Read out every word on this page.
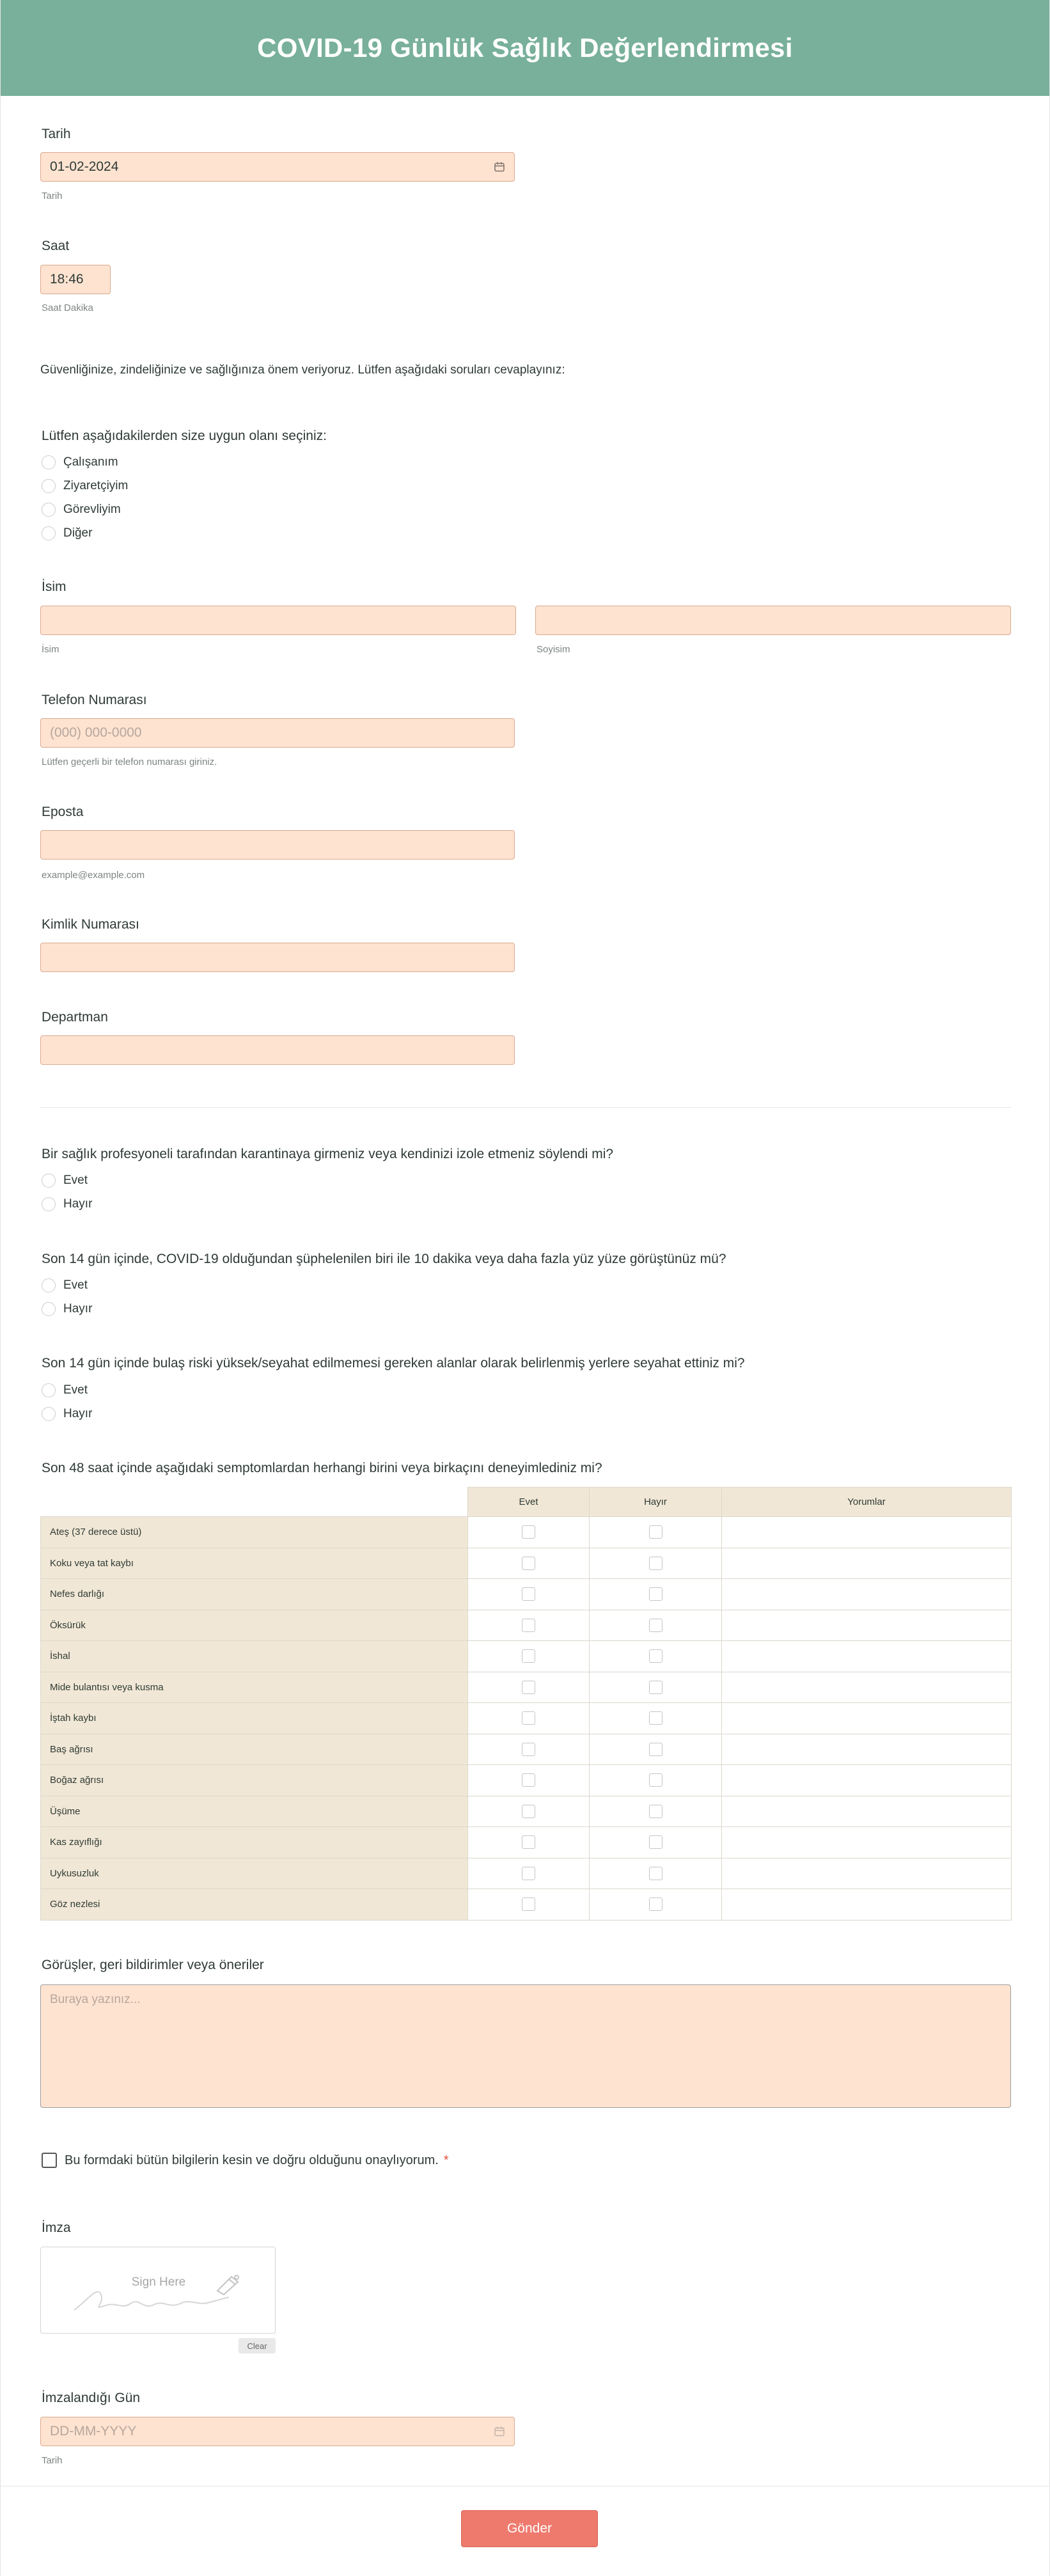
COVID-19 Günlük Sağlık Değerlendirmesi
Tarih
01-02-2024
Tarih
Saat
18:46
Saat Dakika
Güvenliğinize, zindeliğinize ve sağlığınıza önem veriyoruz. Lütfen aşağıdaki soruları cevaplayınız:
Lütfen aşağıdakilerden size uygun olanı seçiniz:
Çalışanım
Ziyaretçiyim
Görevliyim
Diğer
İsim
İsim	Soyisim
Telefon Numarası
(000) 000-0000
Lütfen geçerli bir telefon numarası giriniz.
Eposta
example@example.com
Kimlik Numarası
Departman
Bir sağlık profesyoneli tarafından karantinaya girmeniz veya kendinizi izole etmeniz söylendi mi?
Evet
Hayır
Son 14 gün içinde, COVID-19 olduğundan şüphelenilen biri ile 10 dakika veya daha fazla yüz yüze görüştünüz mü?
Evet
Hayır
Son 14 gün içinde bulaş riski yüksek/seyahat edilmemesi gereken alanlar olarak belirlenmiş yerlere seyahat ettiniz mi?
Evet
Hayır
Son 48 saat içinde aşağıdaki semptomlardan herhangi birini veya birkaçını deneyimlediniz mi?
	Evet	Hayır	Yorumlar
Ateş (37 derece üstü)			
Koku veya tat kaybı			
Nefes darlığı			
Öksürük			
İshal			
Mide bulantısı veya kusma			
İştah kaybı			
Baş ağrısı			
Boğaz ağrısı			
Üşüme			
Kas zayıflığı			
Uykusuzluk			
Göz nezlesi			
Görüşler, geri bildirimler veya öneriler
Buraya yazınız...
Bu formdaki bütün bilgilerin kesin ve doğru olduğunu onaylıyorum. *
İmza
Sign Here
Clear
İmzalandığı Gün
DD-MM-YYYY
Tarih
Gönder
